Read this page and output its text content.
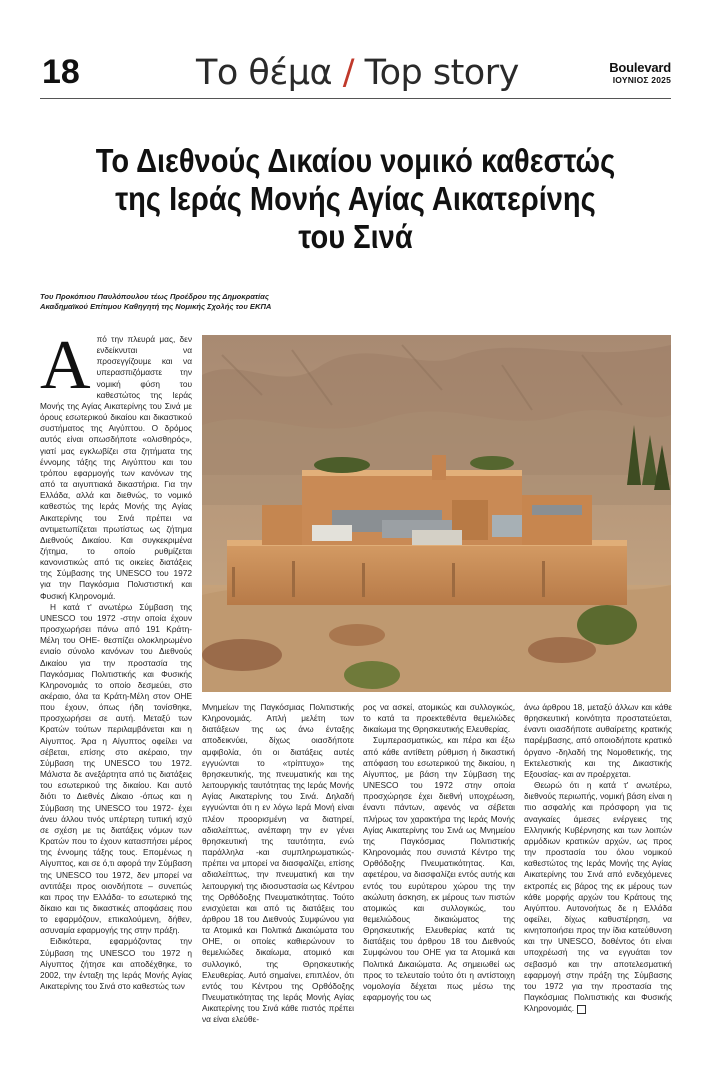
18	Το θέμα / Top story	Boulevard
ΙΟΥΝΙΟΣ 2025
Το Διεθνούς Δικαίου νομικό καθεστώς
της Ιεράς Μονής Αγίας Αικατερίνης
του Σινά
Του Προκόπιου Παυλόπουλου τέως Προέδρου της Δημοκρατίας
Ακαδημαϊκού Επίτιμου Καθηγητή της Νομικής Σχολής του ΕΚΠΑ
Α πό την πλευρά μας, δεν ενδείκνυται να προσεγγίζουμε και να υπερασπιζόμαστε την νομική φύση του καθεστώτος της Ιεράς Μονής της Αγίας Αικατερίνης του Σινά με όρους εσωτερικού δικαίου και δικαστικού συστήματος της Αιγύπτου. Ο δρόμος αυτός είναι οπωσδήποτε «ολισθηρός», γιατί μας εγκλωβίζει στα ζητήματα της έννομης τάξης της Αιγύπτου και του τρόπου εφαρμογής των κανόνων της από τα αιγυπτιακά δικαστήρια. Για την Ελλάδα, αλλά και διεθνώς, το νομικό καθεστώς της Ιεράς Μονής της Αγίας Αικατερίνης του Σινά πρέπει να αντιμετωπίζεται πρωτίστως ως ζήτημα Διεθνούς Δικαίου. Και συγκεκριμένα ζήτημα, το οποίο ρυθμίζεται κανονιστικώς από τις οικείες διατάξεις της Σύμβασης της UNESCO του 1972 για την Παγκόσμια Πολιστιστική και Φυσική Κληρονομιά.

Η κατά τ' ανωτέρω Σύμβαση της UNESCO του 1972 -στην οποία έχουν προσχωρήσει πάνω από 191 Κράτη-Μέλη του ΟΗΕ- θεσπίζει ολοκληρωμένο ενιαίο σύνολο κανόνων του Διεθνούς Δικαίου για την προστασία της Παγκόσμιας Πολιτιστικής και Φυσικής Κληρονομιάς το οποίο δεσμεύει, στο ακέραιο, όλα τα Κράτη-Μέλη στον ΟΗΕ που έχουν, όπως ήδη τονίσθηκε, προσχωρήσει σε αυτή. Μεταξύ των Κρατών τούτων περιλαμβάνεται και η Αίγυπτος. Άρα η Αίγυπτος οφείλει να σέβεται, επίσης στο ακέραιο, την Σύμβαση της UNESCO του 1972. Μάλιστα δε ανεξάρτητα από τις διατάξεις του εσωτερικού της δικαίου. Και αυτό διότι το Διεθνές Δίκαιο -όπως και η Σύμβαση της UNESCO του 1972- έχει άνευ άλλου τινός υπέρτερη τυπική ισχύ σε σχέση με τις διατάξεις νόμων των Κρατών που το έχουν κατασπήσει μέρος της έννομης τάξης τους. Επομένως η Αίγυπτος, και σε ό,τι αφορά την Σύμβαση της UNESCO του 1972, δεν μπορεί να αντιτάξει προς οιονδήποτε – συνεπώς και προς την Ελλάδα- το εσωτερικό της δίκαιο και τις δικαστικές αποφάσεις που το εφαρμόζουν, επικαλούμενη, δήθεν, ασυναμία εφαρμογής της στην πράξη.

Ειδικότερα, εφαρμόζοντας την Σύμβαση της UNESCO του 1972 η Αίγυπτος ζήτησε και αποδέχθηκε, το 2002, την ένταξη της Ιεράς Μονής Αγίας Αικατερίνης του Σινά στο καθεστώς των

Μνημείων της Παγκόσμιας Πολιτιστικής Κληρονομιάς. Απλή μελέτη των διατάξεων της ως άνω ένταξης αποδεικνύει, δίχως οιασδήποτε αμφιβολία, ότι οι διατάξεις αυτές εγγυώνται το «τρίπτυχο» της θρησκευτικής, της πνευματικής και της λειτουργικής ταυτότητας της Ιεράς Μονής Αγίας Αικατερίνης του Σινά. Δηλαδή εγγυώνται ότι η εν λόγω Ιερά Μονή είναι πλέον προορισμένη να διατηρεί, αδιαλείπτως, ανέπαφη την εν γένει θρησκευτική της ταυτότητα, ενώ παράλληλα -και συμπληρωματικώς- πρέπει να μπορεί να διασφαλίζει, επίσης αδιαλείπτως, την πνευματική και την λειτουργική της ιδιοσυστασία ως Κέντρου της Ορθόδοξης Πνευματικότητας. Τούτο ενισχύεται και από τις διατάξεις του άρθρου 18 του Διεθνούς Συμφώνου για τα Ατομικά και Πολιτικά Δικαιώματα του ΟΗΕ, οι οποίες καθιερώνουν το θεμελιώδες δικαίωμα, ατομικό και συλλογικό, της Θρησκευτικής Ελευθερίας. Αυτό σημαίνει, επιπλέον, ότι εντός του Κέντρου της Ορθόδοξης Πνευματικότητας της Ιεράς Μονής Αγίας Αικατερίνης του Σινά κάθε πιστός πρέπει να είναι ελεύθε-

ρος να ασκεί, ατομικώς και συλλογικώς, το κατά τα προεκτεθέντα θεμελιώδες δικαίωμα της Θρησκευτικής Ελευθερίας.

Συμπερασματικώς, και πέρα και έξω από κάθε αντίθετη ρύθμιση ή δικαστική απόφαση του εσωτερικού της δικαίου, η Αίγυπτος, με βάση την Σύμβαση της UNESCO του 1972 στην οποία προσχώρησε έχει διεθνή υποχρέωση, έναντι πάντων, αφενός να σέβεται πλήρως τον χαρακτήρα της Ιεράς Μονής Αγίας Αικατερίνης του Σινά ως Μνημείου της Παγκόσμιας Πολιτιστικής Κληρονομιάς που συνιστά Κέντρο της Ορθόδοξης Πνευματικότητας. Και, αφετέρου, να διασφαλίζει εντός αυτής και εντός του ευρύτερου χώρου της την ακώλυτη άσκηση, εκ μέρους των πιστών ατομικώς και συλλογικώς, του θεμελιώδους δικαιώματος της Θρησκευτικής Ελευθερίας κατά τις διατάξεις του άρθρου 18 του Διεθνούς Συμφώνου του ΟΗΕ για τα Ατομικά και Πολιτικά Δικαιώματα. Ας σημειωθεί ως προς το τελευταίο τούτο ότι η αντίστοιχη νομολογία δέχεται πως μέσω της εφαρμογής του ως

άνω άρθρου 18, μεταξύ άλλων και κάθε θρησκευτική κοινότητα προστατεύεται, έναντι οιασδήποτε αυθαίρετης κρατικής παρέμβασης, από οποιοδήποτε κρατικό όργανο -δηλαδή της Νομοθετικής, της Εκτελεστικής και της Δικαστικής Εξουσίας- και αν προέρχεται.

Θεωρώ ότι η κατά τ' ανωτέρω, διεθνούς περιωπής, νομική βάση είναι η πιο ασφαλής και πρόσφορη για τις αναγκαίες άμεσες ενέργειες της Ελληνικής Κυβέρνησης και των λοιπών αρμόδιων κρατικών αρχών, ως προς την προστασία του όλου νομικού καθεστώτος της Ιεράς Μονής της Αγίας Αικατερίνης του Σινά από ενδεχόμενες εκτροπές εις βάρος της εκ μέρους των κάθε μορφής αρχών του Κράτους της Αιγύπτου. Αυτονοήτως δε η Ελλάδα οφείλει, δίχως καθυστέρηση, να κινητοποιήσει προς την ίδια κατεύθυνση και την UNESCO, δοθέντος ότι είναι υποχρέωσή της να εγγυάται τον σεβασμό και την αποτελεσματική εφαρμογή στην πράξη της Σύμβασης του 1972 για την προστασία της Παγκόσμιας Πολιτιστικής και Φυσικής Κληρονομιάς.
